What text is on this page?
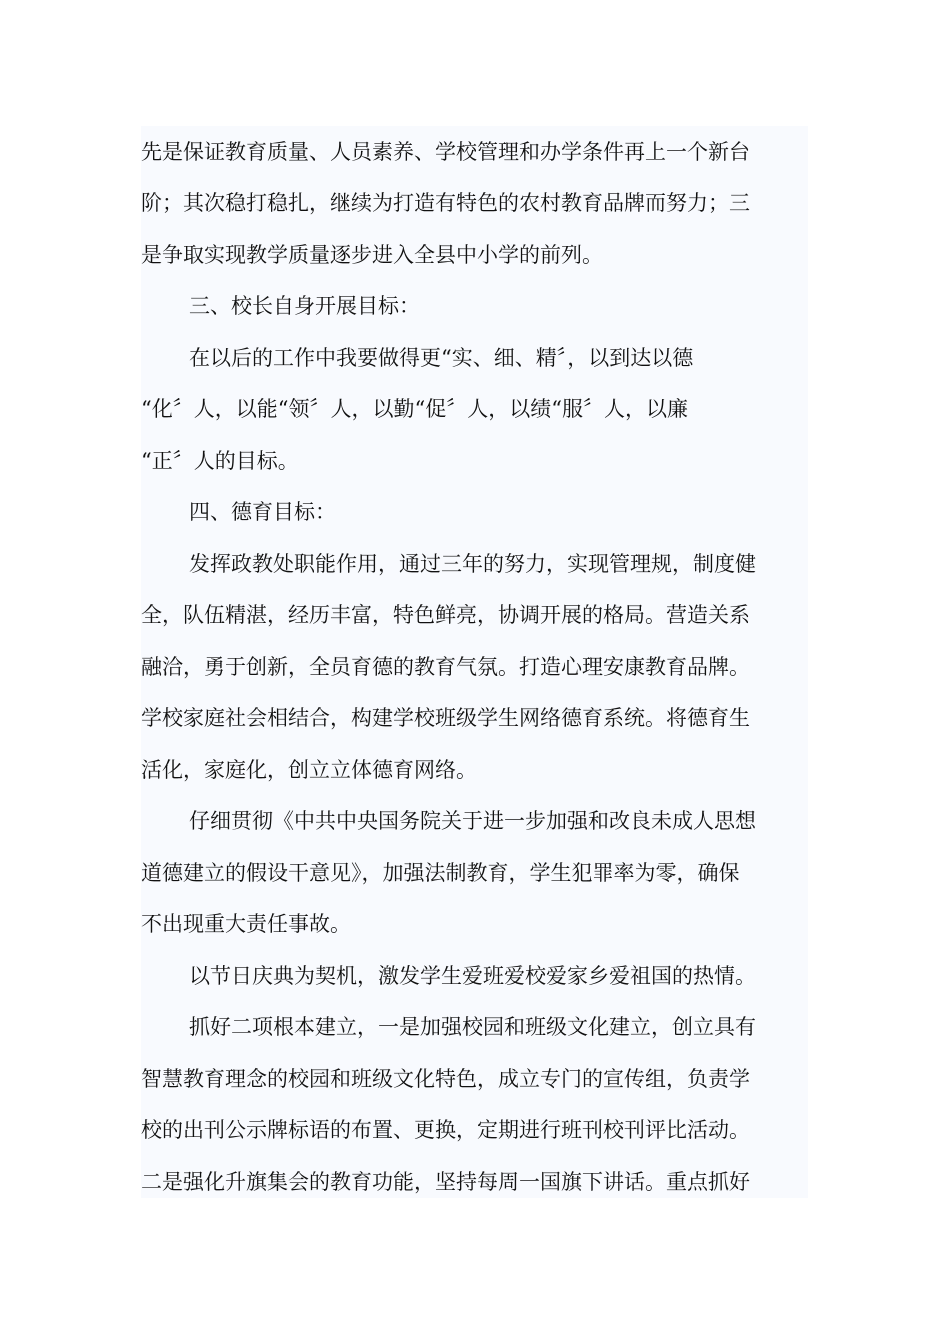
先是保证教育质量、人员素养、学校管理和办学条件再上一个新台

阶；其次稳打稳扎，继续为打造有特色的农村教育品牌而努力；三

是争取实现教学质量逐步进入全县中小学的前列。

三、校长自身开展目标：

在以后的工作中我要做得更“实、细、精〞，以到达以德

“化〞人，以能“领〞人，以勤“促〞人，以绩“服〞人，以廉

“正〞人的目标。

四、德育目标：

发挥政教处职能作用，通过三年的努力，实现管理规，制度健

全，队伍精湛，经历丰富，特色鲜亮，协调开展的格局。营造关系

融洽，勇于创新，全员育德的教育气氛。打造心理安康教育品牌。

学校家庭社会相结合，构建学校班级学生网络德育系统。将德育生

活化，家庭化，创立立体德育网络。

仔细贯彻《中共中央国务院关于进一步加强和改良未成人思想

道德建立的假设干意见》，加强法制教育，学生犯罪率为零，确保

不出现重大责任事故。

以节日庆典为契机，激发学生爱班爱校爱家乡爱祖国的热情。

抓好二项根本建立，一是加强校园和班级文化建立，创立具有

智慧教育理念的校园和班级文化特色，成立专门的宣传组，负责学

校的出刊公示牌标语的布置、更换，定期进行班刊校刊评比活动。

二是强化升旗集会的教育功能，坚持每周一国旗下讲话。重点抓好
